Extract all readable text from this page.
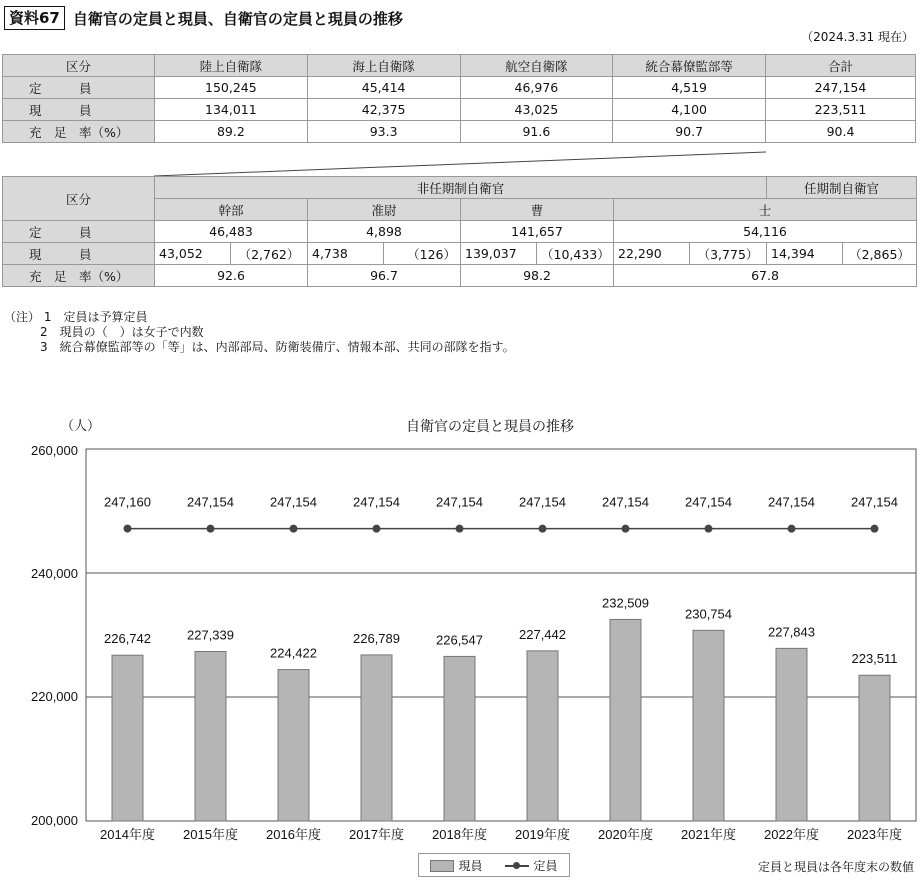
資料67 自衛官の定員と現員、自衛官の定員と現員の推移
（2024.3.31 現在）
区分	陸上自衛隊	海上自衛隊	航空自衛隊	統合幕僚監部等	合計
定　　　員	150,245	45,414	46,976	4,519	247,154
現　　　員	134,011	42,375	43,025	4,100	223,511
充　足　率（%）	89.2	93.3	91.6	90.7	90.4
区分	非任期制自衛官								任期制自衛官	
	幹部		准尉		曹		士			
定　　　員	46,483		4,898		141,657		54,116			
現　　　員	43,052	（2,762）	4,738	（126）	139,037	（10,433）	22,290	（3,775）	14,394	（2,865）
充　足　率（%）	92.6		96.7		98.2		67.8			
（注） 1　定員は予算定員
　　　2　現員の（　）は女子で内数
　　　3　統合幕僚監部等の「等」は、内部部局、防衛装備庁、情報本部、共同の部隊を指す。
（人）	自衛官の定員と現員の推移
260,000
240,000
220,000
200,000
226,742
2014年度
227,339
2015年度
224,422
2016年度
226,789
2017年度
226,547
2018年度
227,442
2019年度
232,509
2020年度
230,754
2021年度
227,843
2022年度
223,511
2023年度
247,160	247,154	247,154	247,154	247,154	247,154	247,154	247,154	247,154	247,154
現員	定員	定員と現員は各年度末の数値
